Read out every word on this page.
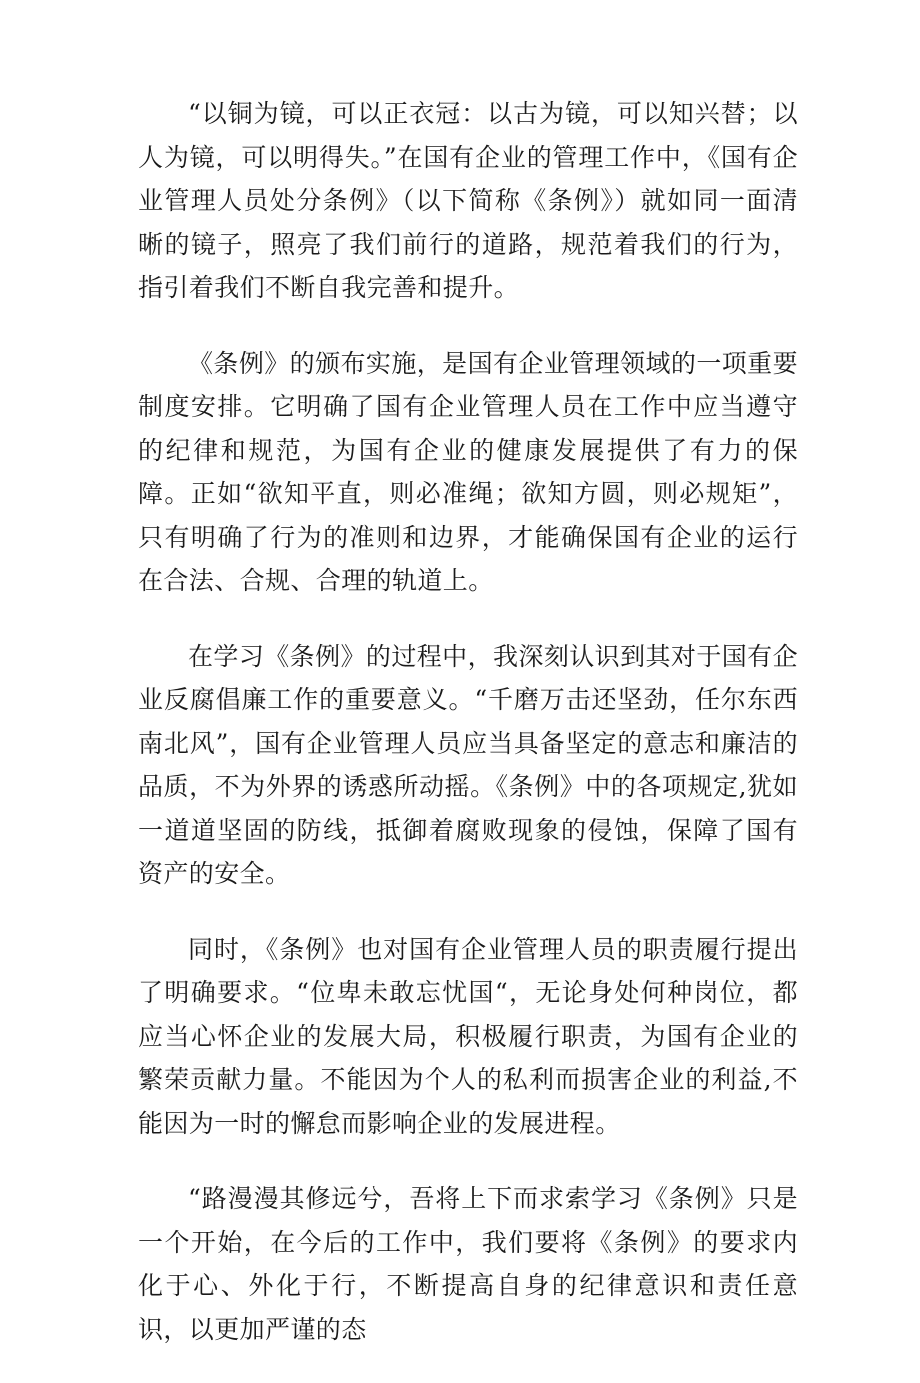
“以铜为镜，可以正衣冠：以古为镜，可以知兴替；以人为镜，可以明得失。”在国有企业的管理工作中，《国有企业管理人员处分条例》（以下简称《条例》）就如同一面清晰的镜子，照亮了我们前行的道路，规范着我们的行为，指引着我们不断自我完善和提升。

《条例》的颁布实施，是国有企业管理领域的一项重要制度安排。它明确了国有企业管理人员在工作中应当遵守的纪律和规范，为国有企业的健康发展提供了有力的保障。正如“欲知平直，则必准绳；欲知方圆，则必规矩”，只有明确了行为的准则和边界，才能确保国有企业的运行在合法、合规、合理的轨道上。

在学习《条例》的过程中，我深刻认识到其对于国有企业反腐倡廉工作的重要意义。“千磨万击还坚劲，任尔东西南北风”，国有企业管理人员应当具备坚定的意志和廉洁的品质，不为外界的诱惑所动摇。《条例》中的各项规定,犹如一道道坚固的防线，抵御着腐败现象的侵蚀，保障了国有资产的安全。

同时，《条例》也对国有企业管理人员的职责履行提出了明确要求。“位卑未敢忘忧国“，无论身处何种岗位，都应当心怀企业的发展大局，积极履行职责，为国有企业的繁荣贡献力量。不能因为个人的私利而损害企业的利益,不能因为一时的懈怠而影响企业的发展进程。

“路漫漫其修远兮，吾将上下而求索学习《条例》只是一个开始，在今后的工作中，我们要将《条例》的要求内化于心、外化于行，不断提高自身的纪律意识和责任意识，以更加严谨的态
